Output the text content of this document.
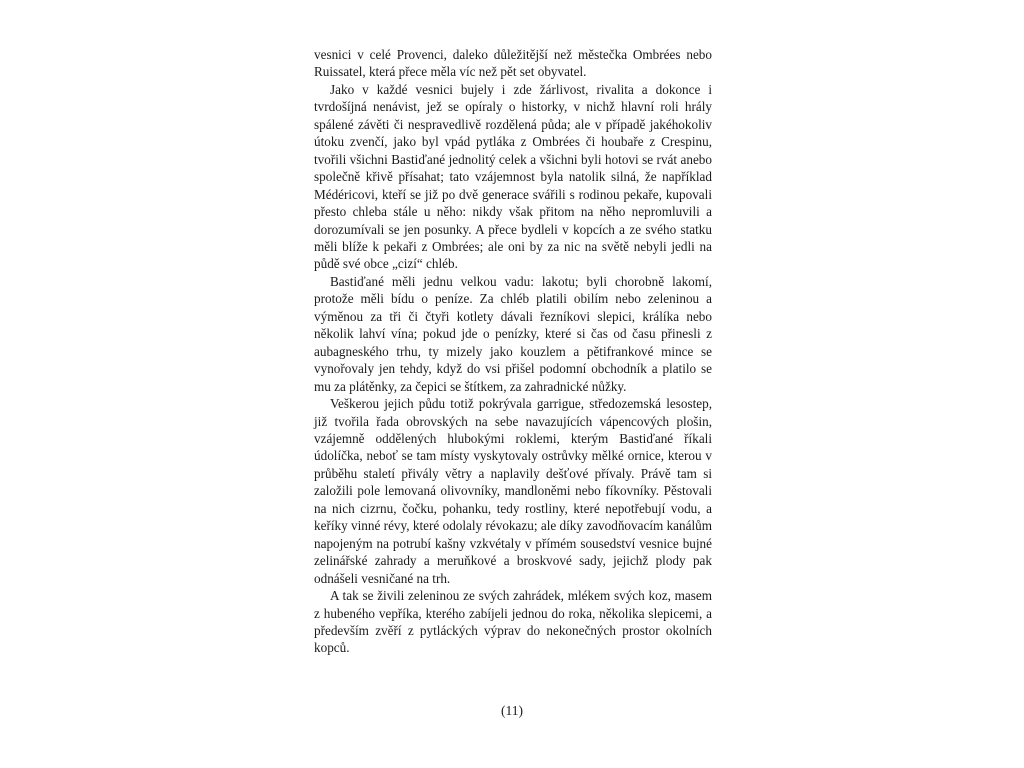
vesnici v celé Provenci, daleko důležitější než městečka Ombrées nebo Ruissatel, která přece měla víc než pět set obyvatel.

Jako v každé vesnici bujely i zde žárlivost, rivalita a dokonce i tvrdošíjná nenávist, jež se opíraly o historky, v nichž hlavní roli hrály spálené závěti či nespravedlivě rozdělená půda; ale v případě jakéhokoliv útoku zvenčí, jako byl vpád pytláka z Ombrées či houbaře z Crespinu, tvořili všichni Bastiďané jednolitý celek a všichni byli hotovi se rvát anebo společně křivě přísahat; tato vzájemnost byla natolik silná, že například Médéricovi, kteří se již po dvě generace svářili s rodinou pekaře, kupovali přesto chleba stále u něho: nikdy však přitom na něho nepromluvili a dorozumívali se jen posunky. A přece bydleli v kopcích a ze svého statku měli blíže k pekaři z Ombrées; ale oni by za nic na světě nebyli jedli na půdě své obce „cizí“ chléb.

Bastiďané měli jednu velkou vadu: lakotu; byli chorobně lakomí, protože měli bídu o peníze. Za chléb platili obilím nebo zeleninou a výměnou za tři či čtyři kotlety dávali řezníkovi slepici, králíka nebo několik lahví vína; pokud jde o penízky, které si čas od času přinesli z aubagneského trhu, ty mizely jako kouzlem a pětifrankové mince se vynořovaly jen tehdy, když do vsi přišel podomní obchodník a platilo se mu za plátěnky, za čepici se štítkem, za zahradnické nůžky.

Veškerou jejich půdu totiž pokrývala garrigue, středozemská lesostep, již tvořila řada obrovských na sebe navazujících vápencových plošin, vzájemně oddělených hlubokými roklemi, kterým Bastiďané říkali údolíčka, neboť se tam místy vyskytovaly ostrůvky mělké ornice, kterou v průběhu staletí přivály větry a naplavily dešťové přívaly. Právě tam si založili pole lemovaná olivovníky, mandloněmi nebo fíkovníky. Pěstovali na nich cizrnu, čočku, pohanku, tedy rostliny, které nepotřebují vodu, a keříky vinné révy, které odolaly révokazu; ale díky zavodňovacím kanálům napojeným na potrubí kašny vzkvétaly v přímém sousedství vesnice bujné zelinářské zahrady a meruňkové a broskvové sady, jejichž plody pak odnášeli vesničané na trh.

A tak se živili zeleninou ze svých zahrádek, mlékem svých koz, masem z hubeného vepříka, kterého zabíjeli jednou do roka, několika slepicemi, a především zvěří z pytláckých výprav do nekonečných prostor okolních kopců.

(11)
